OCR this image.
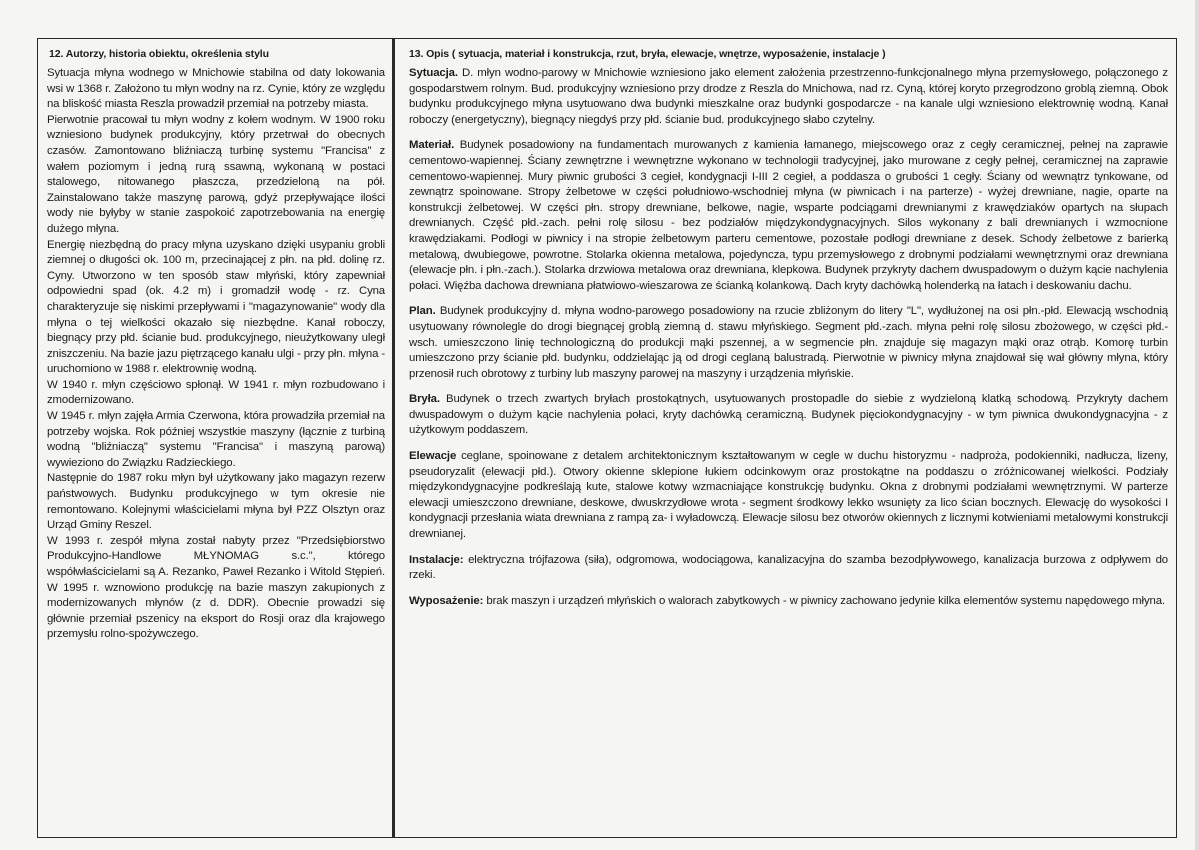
12. Autorzy, historia obiektu, określenia stylu

Sytuacja młyna wodnego w Mnichowie stabilna od daty lokowania wsi w 1368 r. Założono tu młyn wodny na rz. Cynie, który ze względu na bliskość miasta Reszla prowadził przemiał na potrzeby miasta.

Pierwotnie pracował tu młyn wodny z kołem wodnym. W 1900 roku wzniesiono budynek produkcyjny, który przetrwał do obecnych czasów. Zamontowano bliźniaczą turbinę systemu "Francisa" z wałem poziomym i jedną rurą ssawną, wykonaną w postaci stalowego, nitowanego płaszcza, przedzieloną na pół. Zainstalowano także maszynę parową, gdyż przepływające ilości wody nie byłyby w stanie zaspokoić zapotrzebowania na energię dużego młyna.

Energię niezbędną do pracy młyna uzyskano dzięki usypaniu grobli ziemnej o długości ok. 100 m, przecinającej z płn. na płd. dolinę rz. Cyny. Utworzono w ten sposób staw młyński, który zapewniał odpowiedni spad (ok. 4.2 m) i gromadził wodę - rz. Cyna charakteryzuje się niskimi przepływami i "magazynowanie" wody dla młyna o tej wielkości okazało się niezbędne. Kanał roboczy, biegnący przy płd. ścianie bud. produkcyjnego, nieużytkowany uległ zniszczeniu. Na bazie jazu piętrzącego kanału ulgi - przy płn. młyna - uruchomiono w 1988 r. elektrownię wodną.

W 1940 r. młyn częściowo spłonął. W 1941 r. młyn rozbudowano i zmodernizowano.

W 1945 r. młyn zajęła Armia Czerwona, która prowadziła przemiał na potrzeby wojska. Rok później wszystkie maszyny (łącznie z turbiną wodną "bliźniaczą" systemu "Francisa" i maszyną parową) wywieziono do Związku Radzieckiego.

Następnie do 1987 roku młyn był użytkowany jako magazyn rezerw państwowych. Budynku produkcyjnego w tym okresie nie remontowano. Kolejnymi właścicielami młyna był PZZ Olsztyn oraz Urząd Gminy Reszel.

W 1993 r. zespół młyna został nabyty przez "Przedsiębiorstwo Produkcyjno-Handlowe MŁYNOMAG s.c.", którego współwłaścicielami są A. Rezanko, Paweł Rezanko i Witold Stępień. W 1995 r. wznowiono produkcję na bazie maszyn zakupionych z modernizowanych młynów (z d. DDR). Obecnie prowadzi się głównie przemiał pszenicy na eksport do Rosji oraz dla krajowego przemysłu rolno-spożywczego.

13. Opis ( sytuacja, materiał i konstrukcja, rzut, bryła, elewacje, wnętrze, wyposażenie, instalacje )

Sytuacja. D. młyn wodno-parowy w Mnichowie wzniesiono jako element założenia przestrzenno-funkcjonalnego młyna przemysłowego, połączonego z gospodarstwem rolnym. Bud. produkcyjny wzniesiono przy drodze z Reszla do Mnichowa, nad rz. Cyną, której koryto przegrodzono groblą ziemną. Obok budynku produkcyjnego młyna usytuowano dwa budynki mieszkalne oraz budynki gospodarcze - na kanale ulgi wzniesiono elektrownię wodną. Kanał roboczy (energetyczny), biegnący niegdyś przy płd. ścianie bud. produkcyjnego słabo czytelny.

Materiał. Budynek posadowiony na fundamentach murowanych z kamienia łamanego, miejscowego oraz z cegły ceramicznej, pełnej na zaprawie cementowo-wapiennej. Ściany zewnętrzne i wewnętrzne wykonano w technologii tradycyjnej, jako murowane z cegły pełnej, ceramicznej na zaprawie cementowo-wapiennej. Mury piwnic grubości 3 cegieł, kondygnacji I-III 2 cegieł, a poddasza o grubości 1 cegły. Ściany od wewnątrz tynkowane, od zewnątrz spoinowane. Stropy żelbetowe w części południowo-wschodniej młyna (w piwnicach i na parterze) - wyżej drewniane, nagie, oparte na konstrukcji żelbetowej. W części płn. stropy drewniane, belkowe, nagie, wsparte podciągami drewnianymi z krawędziaków opartych na słupach drewnianych. Część płd.-zach. pełni rolę silosu - bez podziałów międzykondygnacyjnych. Silos wykonany z bali drewnianych i wzmocnione krawędziakami. Podłogi w piwnicy i na stropie żelbetowym parteru cementowe, pozostałe podłogi drewniane z desek. Schody żelbetowe z barierką metalową, dwubiegowe, powrotne. Stolarka okienna metalowa, pojedyncza, typu przemysłowego z drobnymi podziałami wewnętrznymi oraz drewniana (elewacje płn. i płn.-zach.). Stolarka drzwiowa metalowa oraz drewniana, klepkowa. Budynek przykryty dachem dwuspadowym o dużym kącie nachylenia połaci. Więźba dachowa drewniana płatwiowo-wieszarowa ze ścianką kolankową. Dach kryty dachówką holenderką na łatach i deskowaniu dachu.

Plan. Budynek produkcyjny d. młyna wodno-parowego posadowiony na rzucie zbliżonym do litery "L", wydłużonej na osi płn.-płd. Elewacją wschodnią usytuowany równolegle do drogi biegnącej groblą ziemną d. stawu młyńskiego. Segment płd.-zach. młyna pełni rolę silosu zbożowego, w części płd.-wsch. umieszczono linię technologiczną do produkcji mąki pszennej, a w segmencie płn. znajduje się magazyn mąki oraz otrąb. Komorę turbin umieszczono przy ścianie płd. budynku, oddzielając ją od drogi ceglaną balustradą. Pierwotnie w piwnicy młyna znajdował się wał główny młyna, który przenosił ruch obrotowy z turbiny lub maszyny parowej na maszyny i urządzenia młyńskie.

Bryła. Budynek o trzech zwartych bryłach prostokątnych, usytuowanych prostopadle do siebie z wydzieloną klatką schodową. Przykryty dachem dwuspadowym o dużym kącie nachylenia połaci, kryty dachówką ceramiczną. Budynek pięciokondygnacyjny - w tym piwnica dwukondygnacyjna - z użytkowym poddaszem.

Elewacje ceglane, spoinowane z detalem architektonicznym kształtowanym w cegle w duchu historyzmu - nadproża, podokienniki, nadłucza, lizeny, pseudoryzalit (elewacji płd.). Otwory okienne sklepione łukiem odcinkowym oraz prostokątne na poddaszu o zróżnicowanej wielkości. Podziały międzykondygnacyjne podkreślają kute, stalowe kotwy wzmacniające konstrukcję budynku. Okna z drobnymi podziałami wewnętrznymi. W parterze elewacji umieszczono drewniane, deskowe, dwuskrzydłowe wrota - segment środkowy lekko wsunięty za lico ścian bocznych. Elewację do wysokości I kondygnacji przesłania wiata drewniana z rampą za- i wyładowczą. Elewacje silosu bez otworów okiennych z licznymi kotwieniami metalowymi konstrukcji drewnianej.

Instalacje: elektryczna trójfazowa (siła), odgromowa, wodociągowa, kanalizacyjna do szamba bezodpływowego, kanalizacja burzowa z odpływem do rzeki.

Wyposażenie: brak maszyn i urządzeń młyńskich o walorach zabytkowych - w piwnicy zachowano jedynie kilka elementów systemu napędowego młyna.
